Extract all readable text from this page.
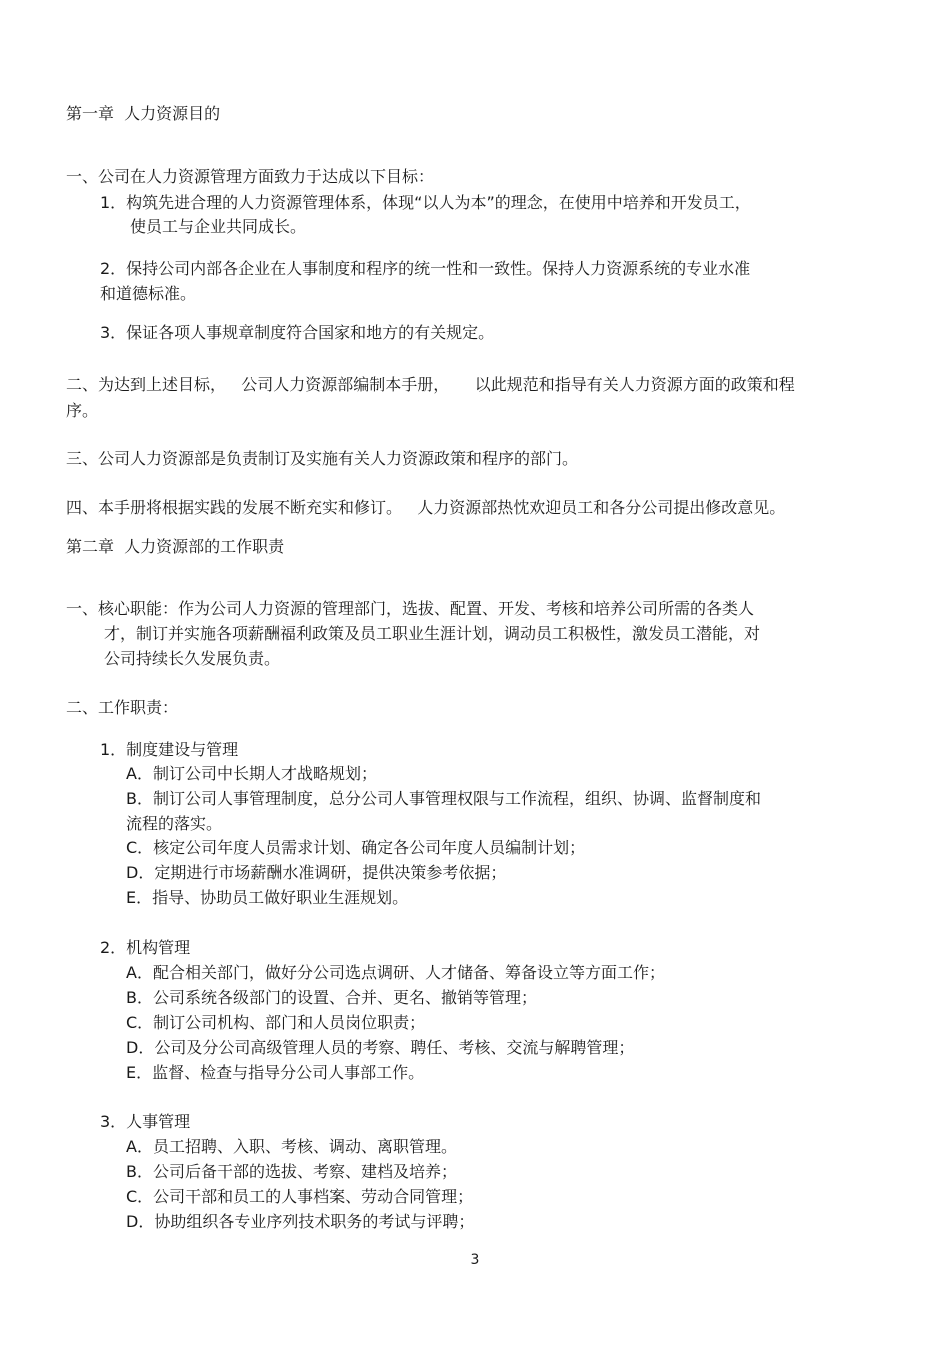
第一章  人力资源目的
一、公司在人力资源管理方面致力于达成以下目标：
1．构筑先进合理的人力资源管理体系，体现“以人为本”的理念，在使用中培养和开发员工，
使员工与企业共同成长。
2．保持公司内部各企业在人事制度和程序的统一性和一致性。保持人力资源系统的专业水准
和道德标准。
3．保证各项人事规章制度符合国家和地方的有关规定。
二、为达到上述目标，   公司人力资源部编制本手册，     以此规范和指导有关人力资源方面的政策和程
序。
三、公司人力资源部是负责制订及实施有关人力资源政策和程序的部门。
四、本手册将根据实践的发展不断充实和修订。   人力资源部热忱欢迎员工和各分公司提出修改意见。
第二章  人力资源部的工作职责
一、核心职能：作为公司人力资源的管理部门，选拔、配置、开发、考核和培养公司所需的各类人
才，制订并实施各项薪酬福利政策及员工职业生涯计划，调动员工积极性，激发员工潜能，对
公司持续长久发展负责。
二、工作职责：
1．制度建设与管理
A．制订公司中长期人才战略规划；
B．制订公司人事管理制度，总分公司人事管理权限与工作流程，组织、协调、监督制度和
流程的落实。
C．核定公司年度人员需求计划、确定各公司年度人员编制计划；
D．定期进行市场薪酬水准调研，提供决策参考依据；
E．指导、协助员工做好职业生涯规划。
2．机构管理
A．配合相关部门，做好分公司选点调研、人才储备、筹备设立等方面工作；
B．公司系统各级部门的设置、合并、更名、撤销等管理；
C．制订公司机构、部门和人员岗位职责；
D．公司及分公司高级管理人员的考察、聘任、考核、交流与解聘管理；
E．监督、检查与指导分公司人事部工作。
3．人事管理
A．员工招聘、入职、考核、调动、离职管理。
B．公司后备干部的选拔、考察、建档及培养；
C．公司干部和员工的人事档案、劳动合同管理；
D．协助组织各专业序列技术职务的考试与评聘；
3
